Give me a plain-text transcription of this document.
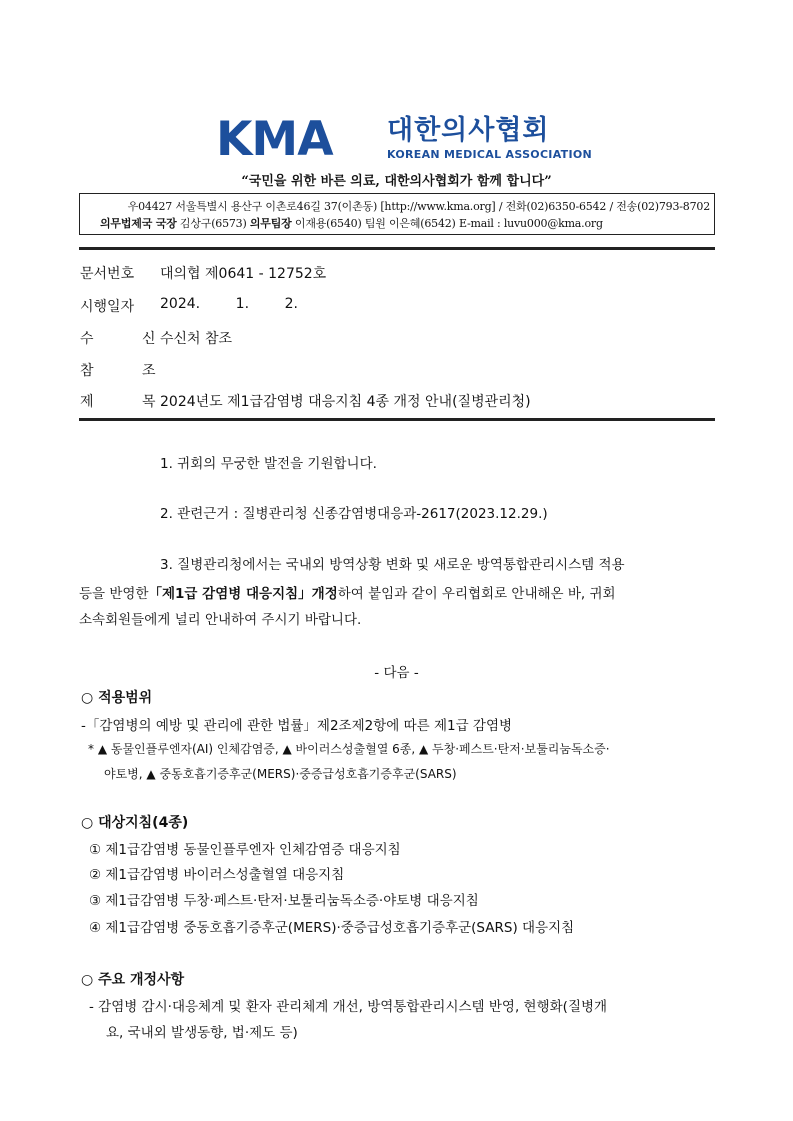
KMA 대한의사협회
KOREAN MEDICAL ASSOCIATION
“국민을 위한 바른 의료, 대한의사협회가 함께 합니다”
우04427 서울특별시 용산구 이촌로46길 37(이촌동) [http://www.kma.org] / 전화(02)6350-6542 / 전송(02)793-8702
의무법제국 국장 김상구(6573) 의무팀장 이재용(6540) 팀원 이은혜(6542) E-mail : luvu000@kma.org
문서번호 대의협 제0641 - 12752호
시행일자 2024.        1.        2.
수	신 수신처 참조
참	조
제	목 2024년도 제1급감염병 대응지침 4종 개정 안내(질병관리청)
1. 귀회의 무궁한 발전을 기원합니다.
2. 관련근거 : 질병관리청 신종감염병대응과-2617(2023.12.29.)
3. 질병관리청에서는 국내외 방역상황 변화 및 새로운 방역통합관리시스템 적용
등을 반영한「제1급 감염병 대응지침」개정하여 붙임과 같이 우리협회로 안내해온 바, 귀회
소속회원들에게 널리 안내하여 주시기 바랍니다.
- 다음 -
○ 적용범위
-「감염병의 예방 및 관리에 관한 법률」제2조제2항에 따른 제1급 감염병
* ▲ 동물인플루엔자(AI) 인체감염증, ▲ 바이러스성출혈열 6종, ▲ 두창·페스트·탄저·보툴리눔독소증·
야토병, ▲ 중동호흡기증후군(MERS)·중증급성호흡기증후군(SARS)
○ 대상지침(4종)
① 제1급감염병 동물인플루엔자 인체감염증 대응지침
② 제1급감염병 바이러스성출혈열 대응지침
③ 제1급감염병 두창·페스트·탄저·보툴리눔독소증·야토병 대응지침
④ 제1급감염병 중동호흡기증후군(MERS)·중증급성호흡기증후군(SARS) 대응지침
○ 주요 개정사항
- 감염병 감시·대응체계 및 환자 관리체계 개선, 방역통합관리시스템 반영, 현행화(질병개
요, 국내외 발생동향, 법·제도 등)
